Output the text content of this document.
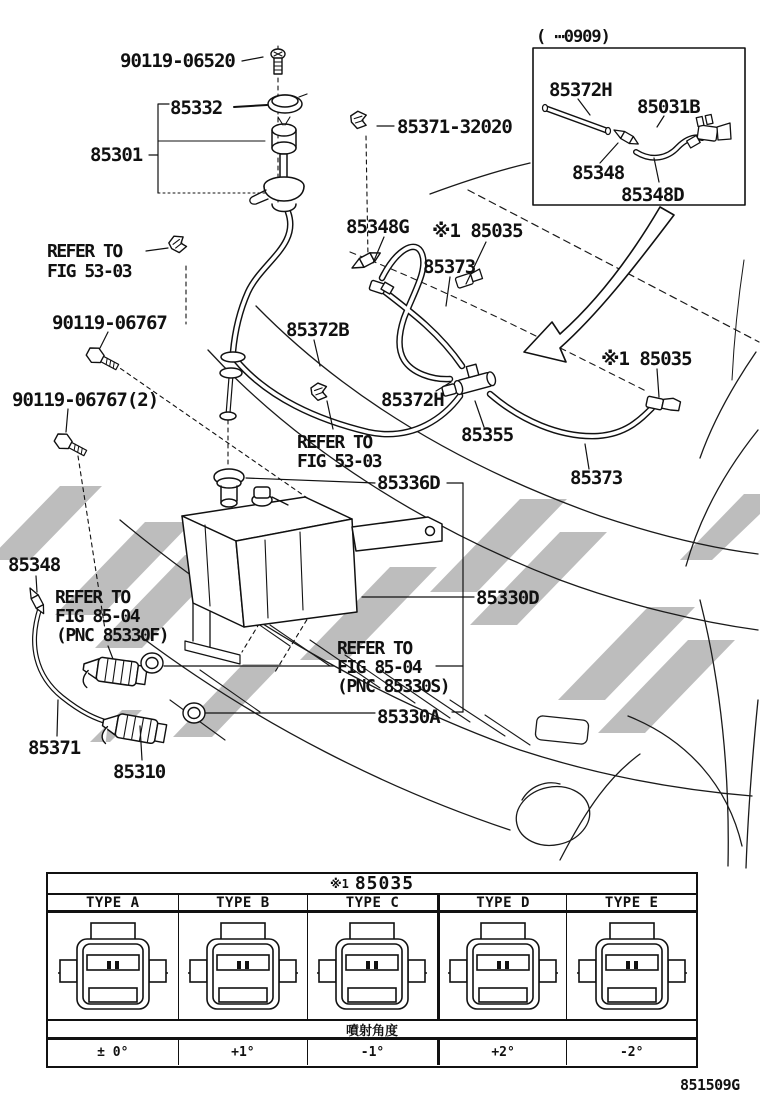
90119-06520
85332
85301
85371-32020
( ⋯0909)
85372H
85031B
85348
85348D
85348G ※1 85035
85373
90119-06767
90119-06767(2)
REFER TO
FIG 53-03
85372B
REFER TO
FIG 53-03
85372H
85355
※1 85035
85373
85336D
85348
REFER TO
FIG 85-04
(PNC 85330F)
85330D
REFER TO
FIG 85-04
(PNC 85330S)
85330A
85371
85310
※1 85035
TYPE A	TYPE B	TYPE C	TYPE D	TYPE E
噴射角度
± 0°	+1°	-1°	+2°	-2°
851509G
